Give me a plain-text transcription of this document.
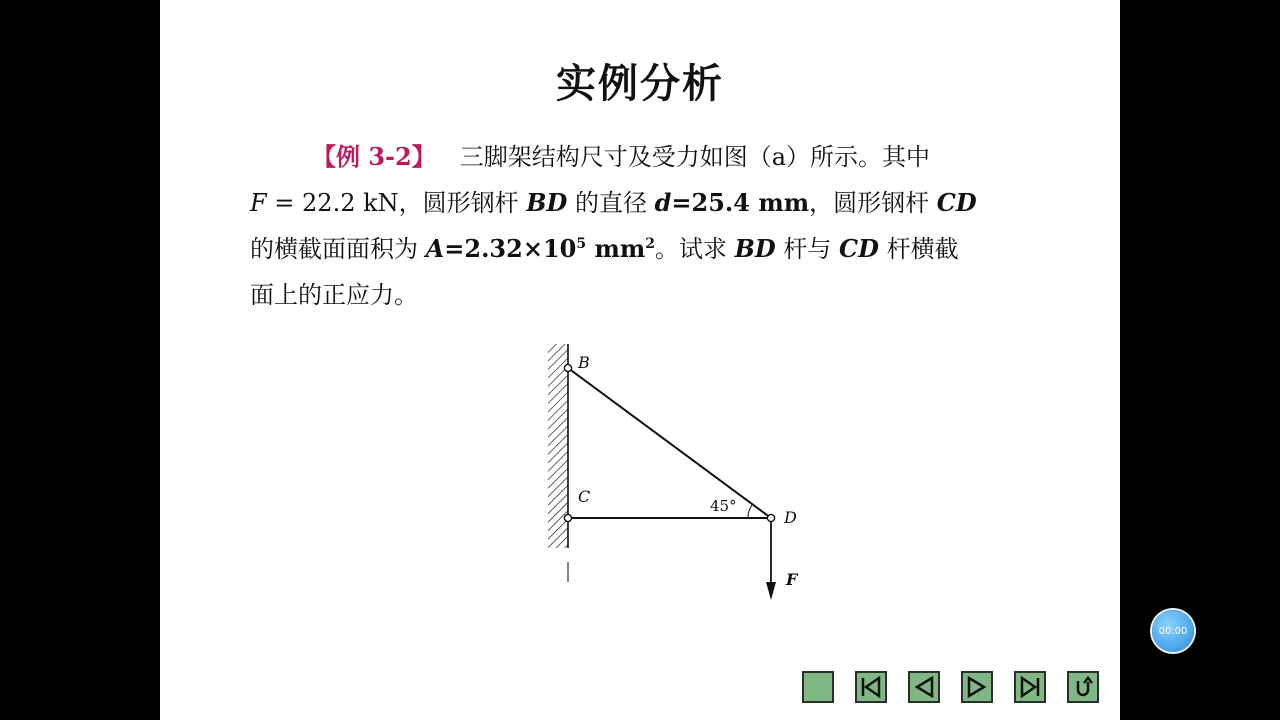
实例分析
【例 3-2】 三脚架结构尺寸及受力如图（a）所示。其中
F = 22.2 kN，圆形钢杆 BD 的直径 d=25.4 mm，圆形钢杆 CD
的横截面面积为 $A=2.32\times 10^5$ $mm^2$。试求 BD 杆与 CD 杆横截
面上的正应力。
B
C
D
45°
F
00:00
